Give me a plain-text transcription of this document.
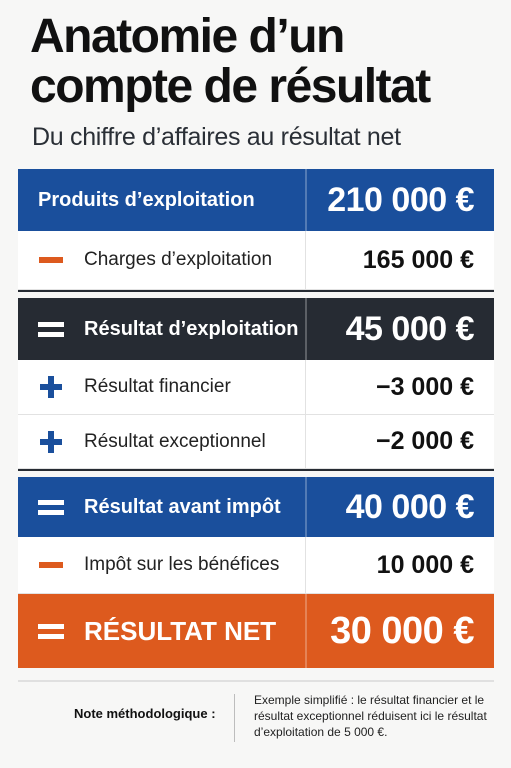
Anatomie d’un
compte de résultat
Du chiffre d’affaires au résultat net
Produits d’exploitation 210 000 €
Charges d’exploitation	165 000 €
Résultat d’exploitation 45 000 €
Résultat financier	−3 000 €
Résultat exceptionnel	−2 000 €
Résultat avant impôt 40 000 €
Impôt sur les bénéfices	10 000 €
RÉSULTAT NET 30 000 €
Note méthodologique :
Exemple simplifié : le résultat financier et le résultat exceptionnel réduisent ici le résultat d’exploitation de 5 000 €.
